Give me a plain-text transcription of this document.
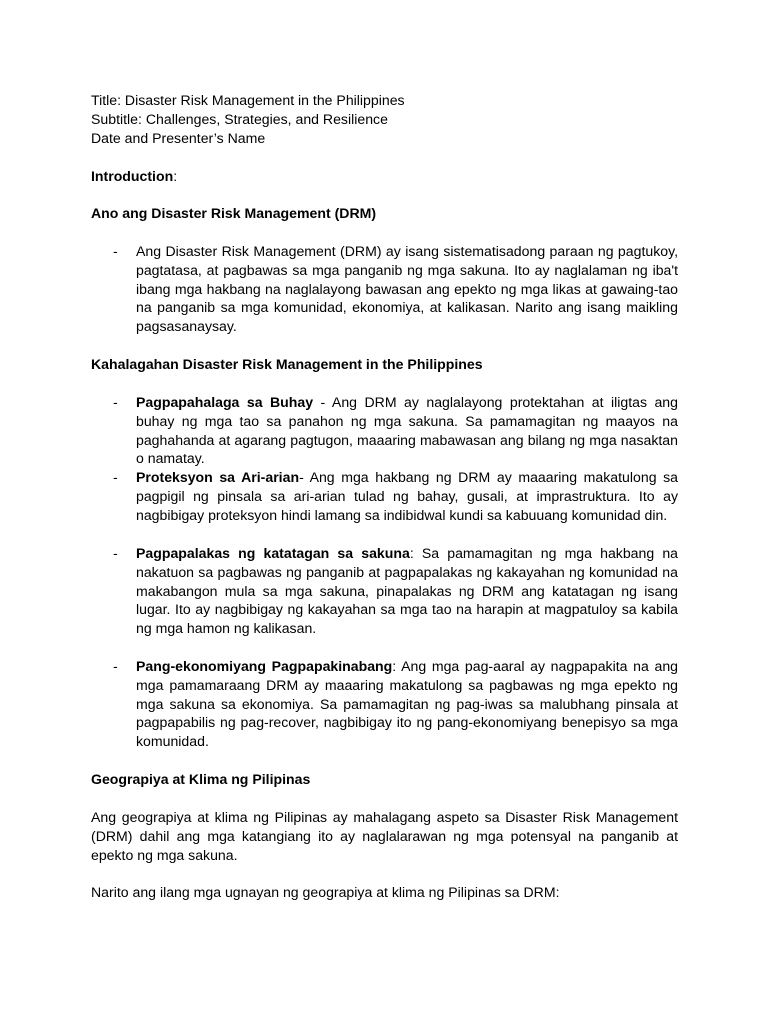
Title: Disaster Risk Management in the Philippines

Subtitle: Challenges, Strategies, and Resilience

Date and Presenter’s Name

Introduction:
Ano ang Disaster Risk Management (DRM)
-	Ang Disaster Risk Management (DRM) ay isang sistematisadong paraan ng pagtukoy, pagtatasa, at pagbawas sa mga panganib ng mga sakuna. Ito ay naglalaman ng iba't ibang mga hakbang na naglalayong bawasan ang epekto ng mga likas at gawaing-tao na panganib sa mga komunidad, ekonomiya, at kalikasan. Narito ang isang maikling pagsasanaysay.

Kahalagahan Disaster Risk Management in the Philippines
-	Pagpapahalaga sa Buhay - Ang DRM ay naglalayong protektahan at iligtas ang buhay ng mga tao sa panahon ng mga sakuna. Sa pamamagitan ng maayos na paghahanda at agarang pagtugon, maaaring mabawasan ang bilang ng mga nasaktan o namatay.

-	Proteksyon sa Ari-arian- Ang mga hakbang ng DRM ay maaaring makatulong sa pagpigil ng pinsala sa ari-arian tulad ng bahay, gusali, at imprastruktura. Ito ay nagbibigay proteksyon hindi lamang sa indibidwal kundi sa kabuuang komunidad din.

-	Pagpapalakas ng katatagan sa sakuna: Sa pamamagitan ng mga hakbang na nakatuon sa pagbawas ng panganib at pagpapalakas ng kakayahan ng komunidad na makabangon mula sa mga sakuna, pinapalakas ng DRM ang katatagan ng isang lugar. Ito ay nagbibigay ng kakayahan sa mga tao na harapin at magpatuloy sa kabila ng mga hamon ng kalikasan.

-	Pang-ekonomiyang Pagpapakinabang: Ang mga pag-aaral ay nagpapakita na ang mga pamamaraang DRM ay maaaring makatulong sa pagbawas ng mga epekto ng mga sakuna sa ekonomiya. Sa pamamagitan ng pag-iwas sa malubhang pinsala at pagpapabilis ng pag-recover, nagbibigay ito ng pang-ekonomiyang benepisyo sa mga komunidad.

Geograpiya at Klima ng Pilipinas
Ang geograpiya at klima ng Pilipinas ay mahalagang aspeto sa Disaster Risk Management (DRM) dahil ang mga katangiang ito ay naglalarawan ng mga potensyal na panganib at epekto ng mga sakuna.
Narito ang ilang mga ugnayan ng geograpiya at klima ng Pilipinas sa DRM:
